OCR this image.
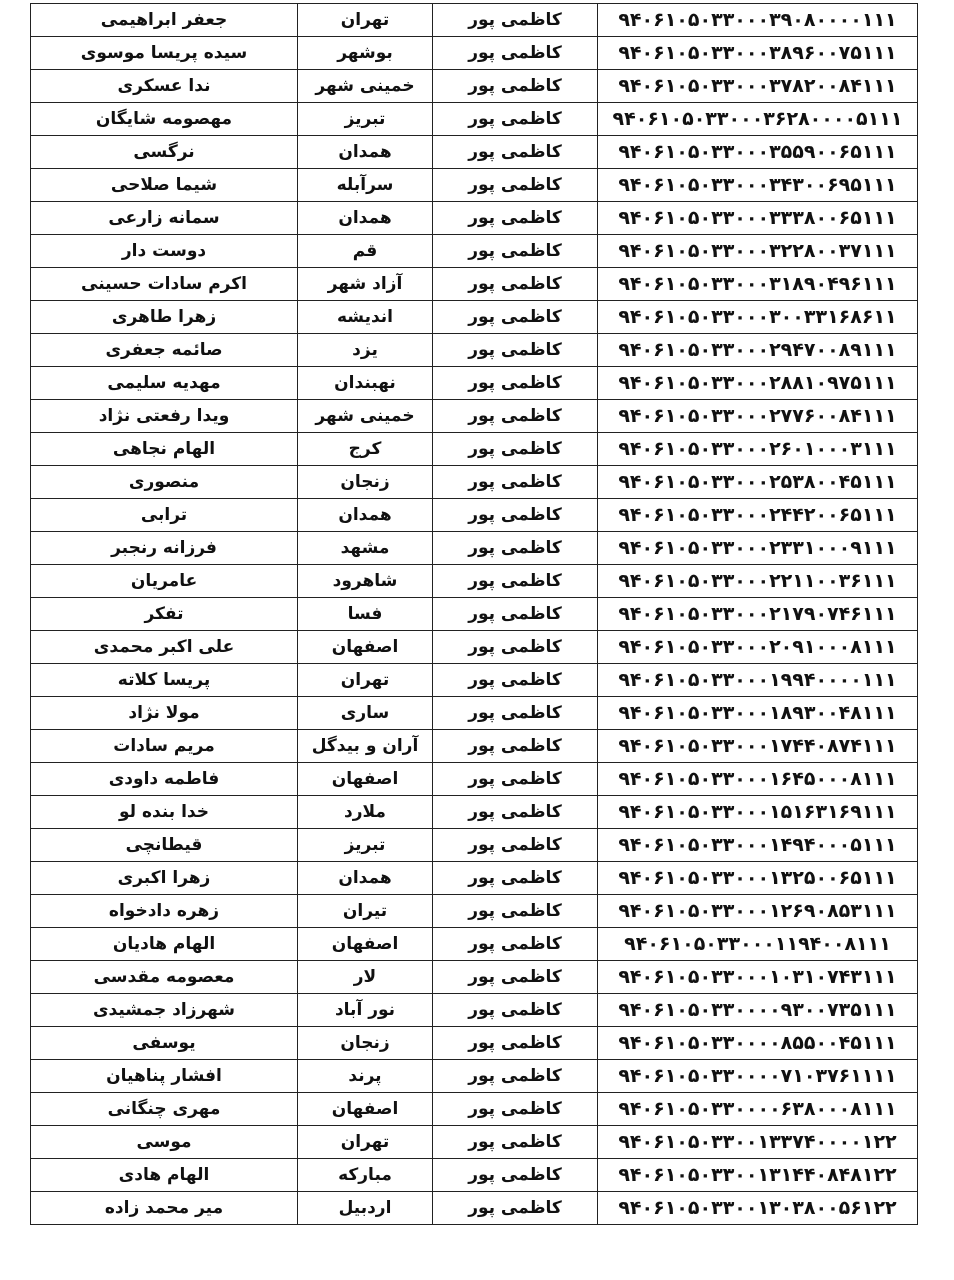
۹۴۰۶۱۰۵۰۳۳۰۰۰۳۹۰۸۰۰۰۰۱۱۱	کاظمی پور	تهران	جعفر ابراهیمی
۹۴۰۶۱۰۵۰۳۳۰۰۰۳۸۹۶۰۰۷۵۱۱۱	کاظمی پور	بوشهر	سیده پریسا موسوی
۹۴۰۶۱۰۵۰۳۳۰۰۰۳۷۸۲۰۰۸۴۱۱۱	کاظمی پور	خمینی شهر	ندا عسکری
۹۴۰۶۱۰۵۰۳۳۰۰۰۳۶۲۸۰۰۰۰۵۱۱۱	کاظمی پور	تبریز	مهصومه شایگان
۹۴۰۶۱۰۵۰۳۳۰۰۰۳۵۵۹۰۰۶۵۱۱۱	کاظمی پور	همدان	نرگسی
۹۴۰۶۱۰۵۰۳۳۰۰۰۳۴۳۰۰۶۹۵۱۱۱	کاظمی پور	سرآبله	شیما صلاحی
۹۴۰۶۱۰۵۰۳۳۰۰۰۳۳۳۸۰۰۶۵۱۱۱	کاظمی پور	همدان	سمانه زارعی
۹۴۰۶۱۰۵۰۳۳۰۰۰۳۲۲۸۰۰۳۷۱۱۱	کاظمی پور	قم	دوست دار
۹۴۰۶۱۰۵۰۳۳۰۰۰۳۱۸۹۰۴۹۶۱۱۱	کاظمی پور	آزاد شهر	اکرم سادات حسینی
۹۴۰۶۱۰۵۰۳۳۰۰۰۳۰۰۳۳۱۶۸۶۱۱	کاظمی پور	اندیشه	زهرا طاهری
۹۴۰۶۱۰۵۰۳۳۰۰۰۲۹۴۷۰۰۸۹۱۱۱	کاظمی پور	یزد	صائمه جعفری
۹۴۰۶۱۰۵۰۳۳۰۰۰۲۸۸۱۰۹۷۵۱۱۱	کاظمی پور	نهبندان	مهدیه سلیمی
۹۴۰۶۱۰۵۰۳۳۰۰۰۲۷۷۶۰۰۸۴۱۱۱	کاظمی پور	خمینی شهر	ویدا رفعتی نژاد
۹۴۰۶۱۰۵۰۳۳۰۰۰۲۶۰۱۰۰۰۳۱۱۱	کاظمی پور	کرج	الهام نجاهی
۹۴۰۶۱۰۵۰۳۳۰۰۰۲۵۳۸۰۰۴۵۱۱۱	کاظمی پور	زنجان	منصوری
۹۴۰۶۱۰۵۰۳۳۰۰۰۲۴۴۲۰۰۶۵۱۱۱	کاظمی پور	همدان	ترابی
۹۴۰۶۱۰۵۰۳۳۰۰۰۲۳۳۱۰۰۰۹۱۱۱	کاظمی پور	مشهد	فرزانه رنجبر
۹۴۰۶۱۰۵۰۳۳۰۰۰۲۲۱۱۰۰۳۶۱۱۱	کاظمی پور	شاهرود	عامریان
۹۴۰۶۱۰۵۰۳۳۰۰۰۲۱۷۹۰۷۴۶۱۱۱	کاظمی پور	فسا	تفکر
۹۴۰۶۱۰۵۰۳۳۰۰۰۲۰۹۱۰۰۰۸۱۱۱	کاظمی پور	اصفهان	علی اکبر محمدی
۹۴۰۶۱۰۵۰۳۳۰۰۰۱۹۹۴۰۰۰۰۱۱۱	کاظمی پور	تهران	پریسا کلاته
۹۴۰۶۱۰۵۰۳۳۰۰۰۱۸۹۳۰۰۴۸۱۱۱	کاظمی پور	ساری	مولا نژاد
۹۴۰۶۱۰۵۰۳۳۰۰۰۱۷۴۴۰۸۷۴۱۱۱	کاظمی پور	آران و بیدگل	مریم سادات
۹۴۰۶۱۰۵۰۳۳۰۰۰۱۶۴۵۰۰۰۸۱۱۱	کاظمی پور	اصفهان	فاطمه داودی
۹۴۰۶۱۰۵۰۳۳۰۰۰۱۵۱۶۳۱۶۹۱۱۱	کاظمی پور	ملارد	خدا بنده لو
۹۴۰۶۱۰۵۰۳۳۰۰۰۱۴۹۴۰۰۰۵۱۱۱	کاظمی پور	تبریز	قیطانچی
۹۴۰۶۱۰۵۰۳۳۰۰۰۱۳۲۵۰۰۶۵۱۱۱	کاظمی پور	همدان	زهرا اکبری
۹۴۰۶۱۰۵۰۳۳۰۰۰۱۲۶۹۰۸۵۳۱۱۱	کاظمی پور	تیران	زهره دادخواه
۹۴۰۶۱۰۵۰۳۳۰۰۰۱۱۹۴۰۰۸۱۱۱	کاظمی پور	اصفهان	الهام هادیان
۹۴۰۶۱۰۵۰۳۳۰۰۰۱۰۳۱۰۷۴۳۱۱۱	کاظمی پور	لار	معصومه مقدسی
۹۴۰۶۱۰۵۰۳۳۰۰۰۰۹۳۰۰۷۳۵۱۱۱	کاظمی پور	نور آباد	شهرزاد جمشیدی
۹۴۰۶۱۰۵۰۳۳۰۰۰۰۸۵۵۰۰۴۵۱۱۱	کاظمی پور	زنجان	یوسفی
۹۴۰۶۱۰۵۰۳۳۰۰۰۰۷۱۰۳۷۶۱۱۱۱	کاظمی پور	پرند	افشار پناهیان
۹۴۰۶۱۰۵۰۳۳۰۰۰۰۶۳۸۰۰۰۸۱۱۱	کاظمی پور	اصفهان	مهری چنگانی
۹۴۰۶۱۰۵۰۳۳۰۰۱۳۳۷۴۰۰۰۰۱۲۲	کاظمی پور	تهران	موسی
۹۴۰۶۱۰۵۰۳۳۰۰۱۳۱۴۴۰۸۴۸۱۲۲	کاظمی پور	مبارکه	الهام هادی
۹۴۰۶۱۰۵۰۳۳۰۰۱۳۰۳۸۰۰۵۶۱۲۲	کاظمی پور	اردبیل	میر محمد زاده
